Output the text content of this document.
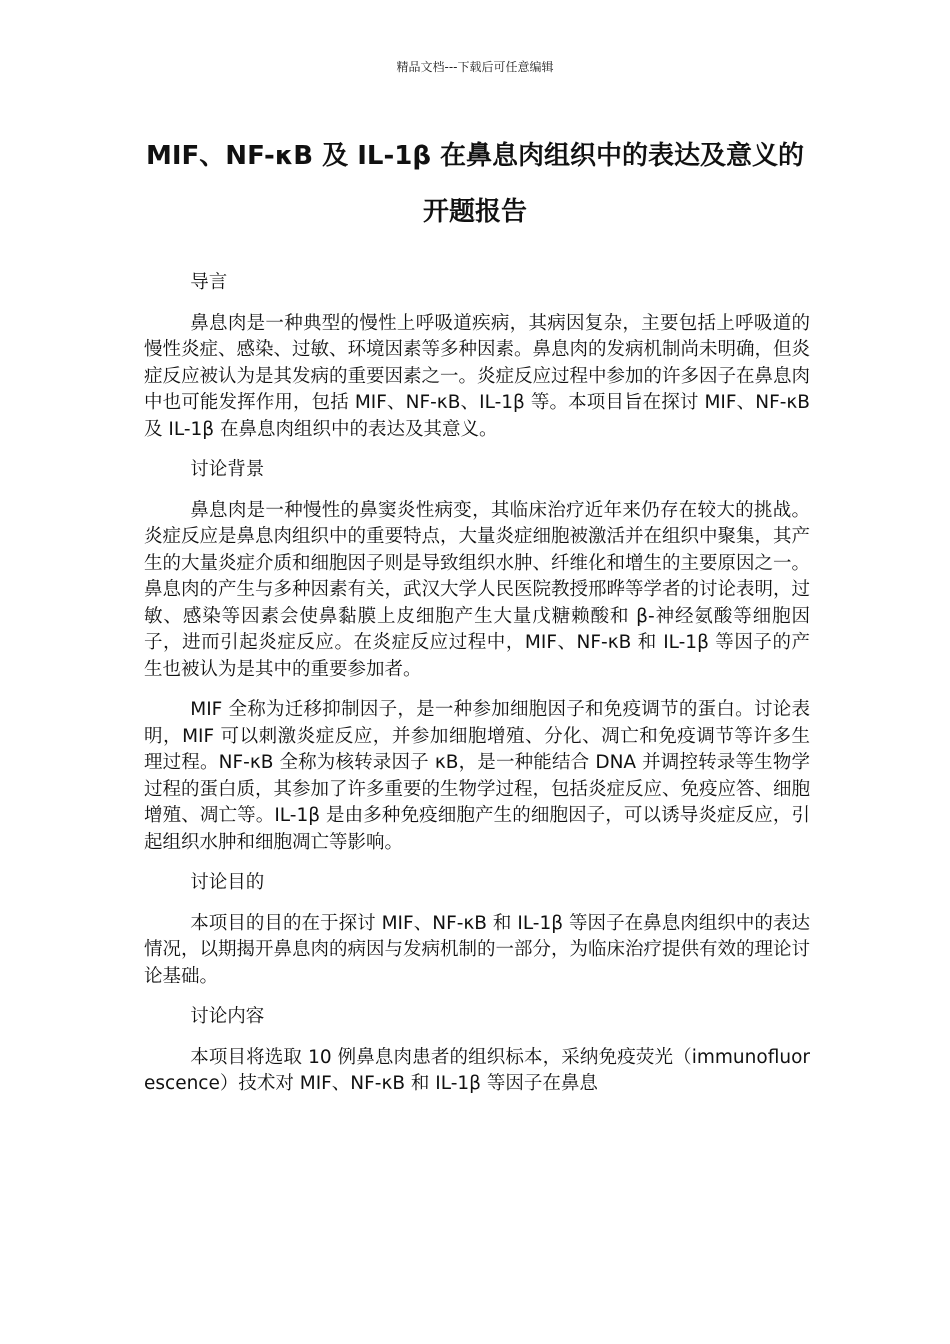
精品文档---下载后可任意编辑
MIF、NF-κB 及 IL-1β 在鼻息肉组织中的表达及意义的开题报告

导言

鼻息肉是一种典型的慢性上呼吸道疾病，其病因复杂，主要包括上呼吸道的慢性炎症、感染、过敏、环境因素等多种因素。鼻息肉的发病机制尚未明确，但炎症反应被认为是其发病的重要因素之一。炎症反应过程中参加的许多因子在鼻息肉中也可能发挥作用，包括 MIF、NF-κB、IL-1β 等。本项目旨在探讨 MIF、NF-κB 及 IL-1β 在鼻息肉组织中的表达及其意义。

讨论背景

鼻息肉是一种慢性的鼻窦炎性病变，其临床治疗近年来仍存在较大的挑战。炎症反应是鼻息肉组织中的重要特点，大量炎症细胞被激活并在组织中聚集，其产生的大量炎症介质和细胞因子则是导致组织水肿、纤维化和增生的主要原因之一。鼻息肉的产生与多种因素有关，武汉大学人民医院教授邢晔等学者的讨论表明，过敏、感染等因素会使鼻黏膜上皮细胞产生大量戊糖赖酸和 β-神经氨酸等细胞因子，进而引起炎症反应。在炎症反应过程中，MIF、NF-κB 和 IL-1β 等因子的产生也被认为是其中的重要参加者。

MIF 全称为迁移抑制因子，是一种参加细胞因子和免疫调节的蛋白。讨论表明，MIF 可以刺激炎症反应，并参加细胞增殖、分化、凋亡和免疫调节等许多生理过程。NF-κB 全称为核转录因子 κB，是一种能结合 DNA 并调控转录等生物学过程的蛋白质，其参加了许多重要的生物学过程，包括炎症反应、免疫应答、细胞增殖、凋亡等。IL-1β 是由多种免疫细胞产生的细胞因子，可以诱导炎症反应，引起组织水肿和细胞凋亡等影响。

讨论目的

本项目的目的在于探讨 MIF、NF-κB 和 IL-1β 等因子在鼻息肉组织中的表达情况，以期揭开鼻息肉的病因与发病机制的一部分，为临床治疗提供有效的理论讨论基础。

讨论内容

本项目将选取 10 例鼻息肉患者的组织标本，采纳免疫荧光（immunofluorescence）技术对 MIF、NF-κB 和 IL-1β 等因子在鼻息
